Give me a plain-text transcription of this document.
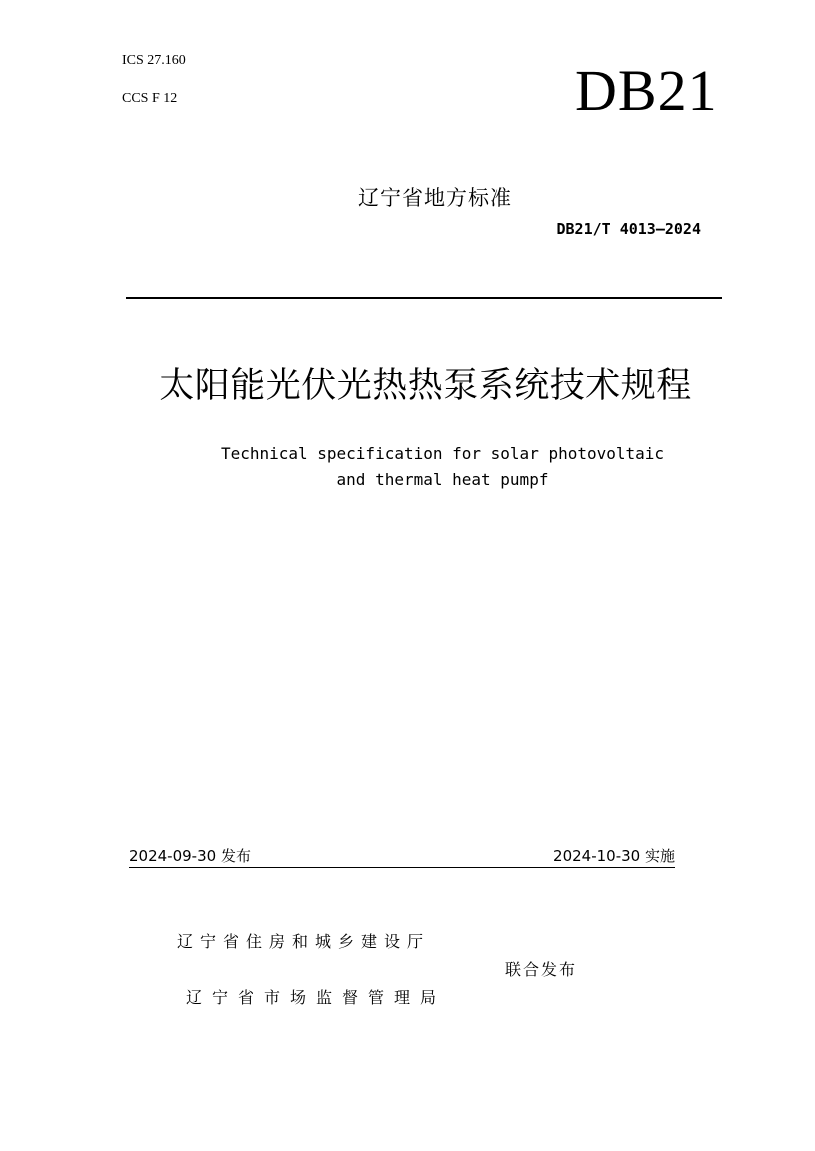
ICS 27.160
CCS F 12	DB21
辽宁省地方标准
DB21/T 4013—2024
太阳能光伏光热热泵系统技术规程
Technical specification for solar photovoltaic
and thermal heat pumpf
2024-09-30 发布	2024-10-30 实施
辽宁省住房和城乡建设厅
联合发布
辽宁省市场监督管理局
